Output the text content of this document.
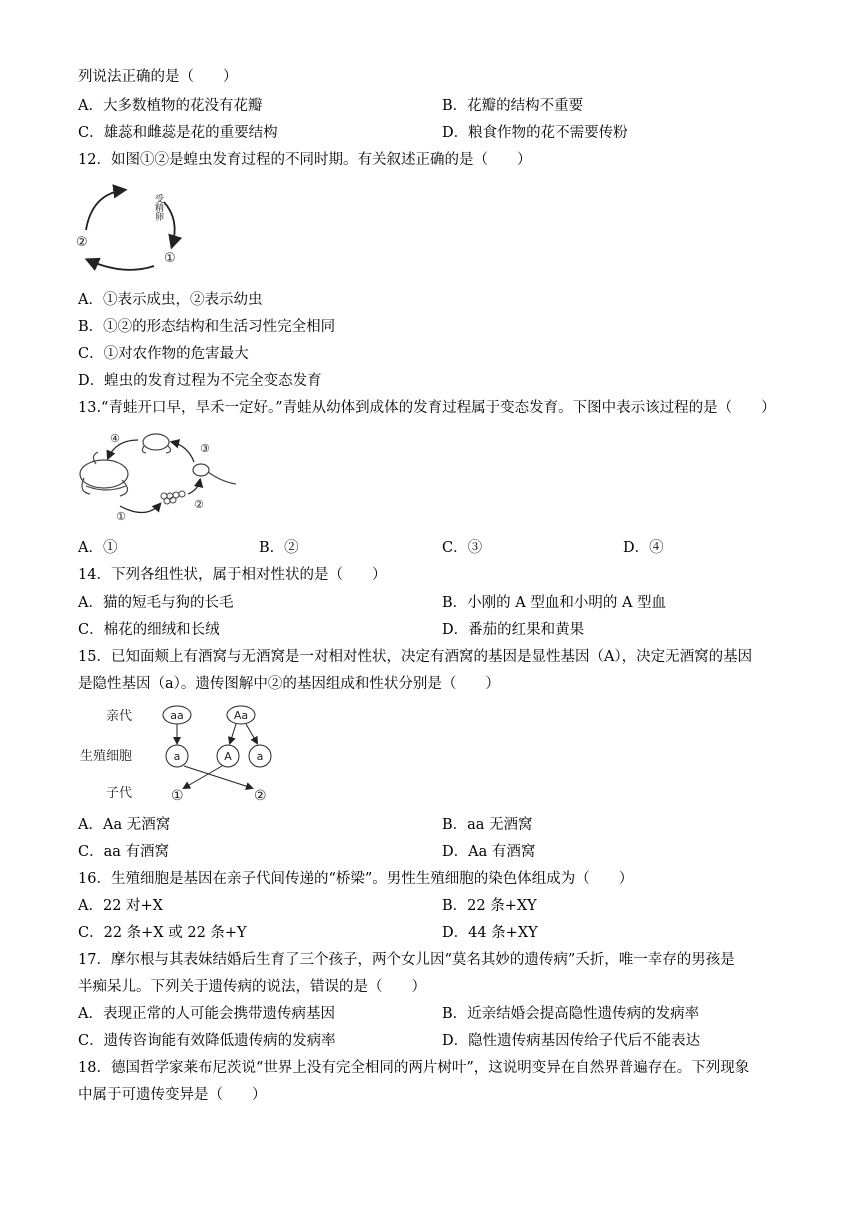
列说法正确的是（　　）
A．大多数植物的花没有花瓣	B．花瓣的结构不重要
C．雄蕊和雌蕊是花的重要结构	D．粮食作物的花不需要传粉
12．如图①②是蝗虫发育过程的不同时期。有关叙述正确的是（　　）
受精卵
①
②
A．①表示成虫，②表示幼虫
B．①②的形态结构和生活习性完全相同
C．①对农作物的危害最大
D．蝗虫的发育过程为不完全变态发育
13.“青蛙开口早，旱禾一定好。”青蛙从幼体到成体的发育过程属于变态发育。下图中表示该过程的是（　　）
①
②
③
④
A．①	B．②	C．③	D．④
14．下列各组性状，属于相对性状的是（　　）
A．猫的短毛与狗的长毛	B．小刚的 A 型血和小明的 A 型血
C．棉花的细绒和长绒	D．番茄的红果和黄果
15．已知面颊上有酒窝与无酒窝是一对相对性状，决定有酒窝的基因是显性基因（A），决定无酒窝的基因
是隐性基因（a）。遗传图解中②的基因组成和性状分别是（　　）
亲代
生殖细胞
子代
aa	Aa
a	A a
①	②
A．Aa 无酒窝	B．aa 无酒窝
C．aa 有酒窝	D．Aa 有酒窝
16．生殖细胞是基因在亲子代间传递的“桥梁”。男性生殖细胞的染色体组成为（　　）
A．22 对+X	B．22 条+XY
C．22 条+X 或 22 条+Y	D．44 条+XY
17．摩尔根与其表妹结婚后生育了三个孩子，两个女儿因“莫名其妙的遗传病”夭折，唯一幸存的男孩是
半痴呆儿。下列关于遗传病的说法，错误的是（　　）
A．表现正常的人可能会携带遗传病基因	B．近亲结婚会提高隐性遗传病的发病率
C．遗传咨询能有效降低遗传病的发病率	D．隐性遗传病基因传给子代后不能表达
18．德国哲学家莱布尼茨说“世界上没有完全相同的两片树叶”，这说明变异在自然界普遍存在。下列现象
中属于可遗传变异是（　　）
